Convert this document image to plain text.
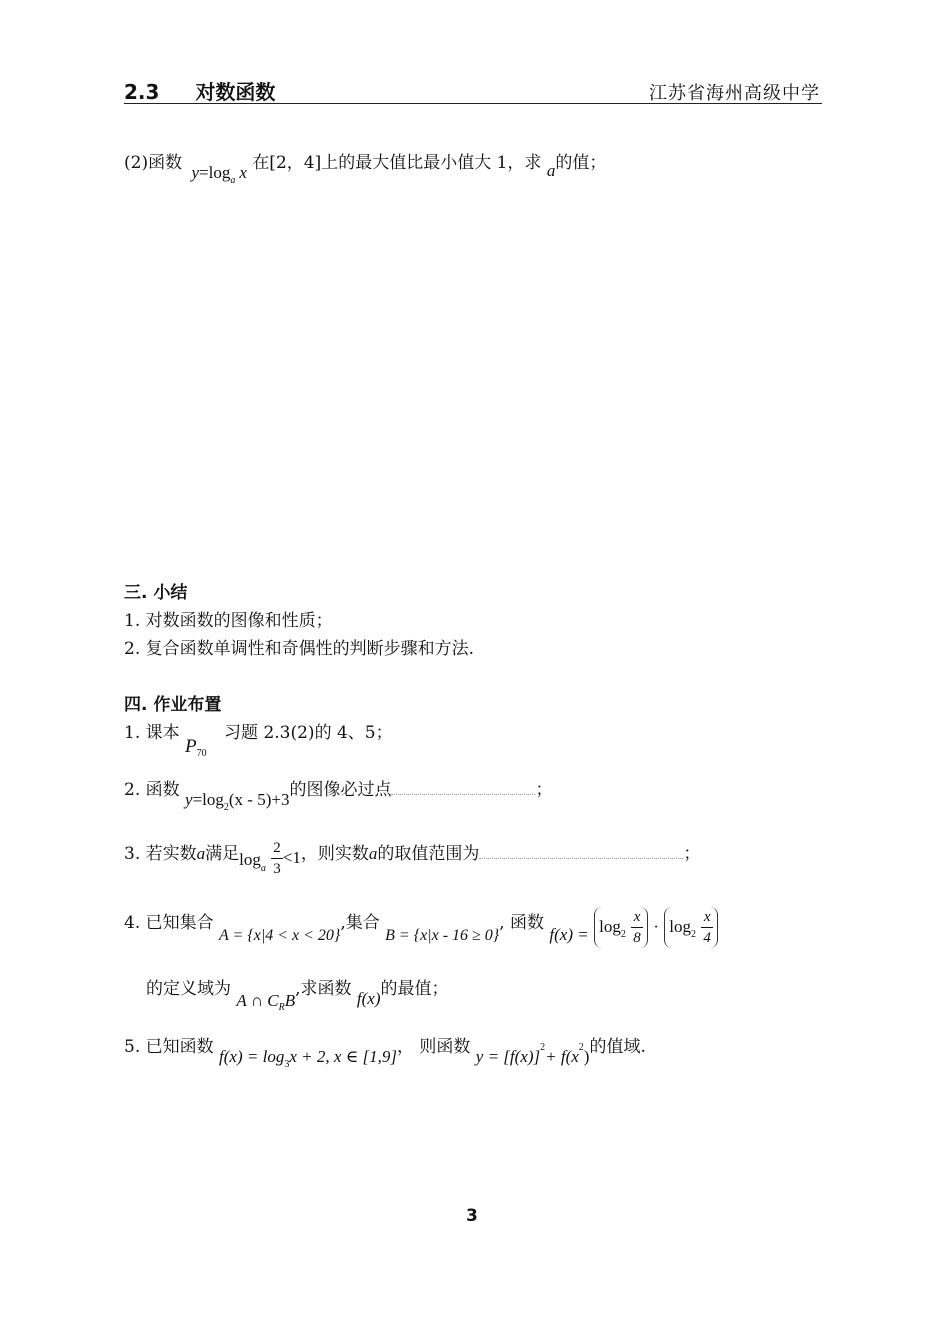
2.3 对数函数	江苏省海州高级中学
(2)函数 $y=\log_a$ x 在[2，4]上的最大值比最小值大 1，求 a的值；
三. 小结
1. 对数函数的图像和性质；
2. 复合函数单调性和奇偶性的判断步骤和方法.
四. 作业布置
1. 课本 $P_{70}$ 习题 2.3(2)的 4、5；
2. 函数 $y=\log_2(x - 5)+3$的图像必过点	；
3. 若实数a满足$\log_a \frac{2}{3} <1$，则实数a的取值范围为	；
4. 已知集合 A = {x|4 < x < 20},集合 B = {x|x - 16 ≥ 0}, 函数 $f(x) = \log_2 \frac{x}{8} \cdot \log_2 \frac{x}{4}$
的定义域为 A ∩ $C_RB$,求函数 f(x)的最值；
5. 已知函数 $f(x) = \log_3x + 2$, x ∈ [1,9]， 则函数 y = [f(x)]2+ f(x2)的值域.
3
